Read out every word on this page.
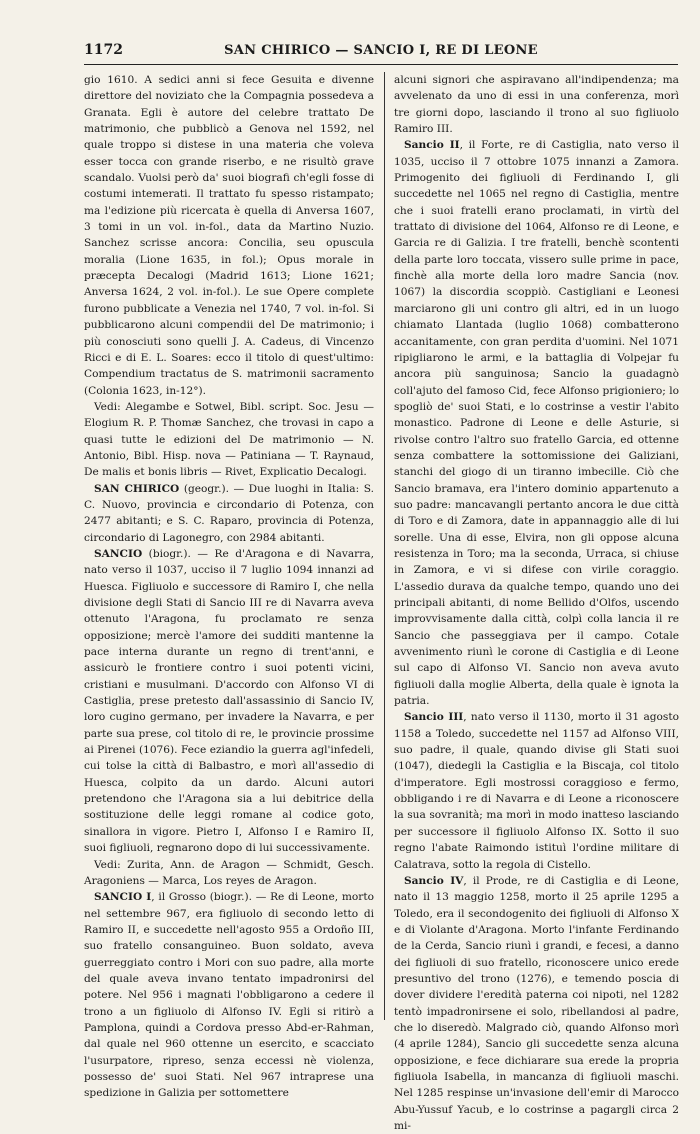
1172	SAN CHIRICO — SANCIO I, RE DI LEONE

gio 1610. A sedici anni si fece Gesuita e divenne direttore del noviziato che la Compagnia possedeva a Granata. Egli è autore del celebre trattato De matrimonio, che pubblicò a Genova nel 1592, nel quale troppo si distese in una materia che voleva esser tocca con grande riserbo, e ne risultò grave scandalo. Vuolsi però da' suoi biografi ch'egli fosse di costumi intemerati. Il trattato fu spesso ristampato; ma l'edizione più ricercata è quella di Anversa 1607, 3 tomi in un vol. in-fol., data da Martino Nuzio. Sanchez scrisse ancora: Concilia, seu opuscula moralia (Lione 1635, in fol.); Opus morale in præcepta Decalogi (Madrid 1613; Lione 1621; Anversa 1624, 2 vol. in-fol.). Le sue Opere complete furono pubblicate a Venezia nel 1740, 7 vol. in-fol. Si pubblicarono alcuni compendii del De matrimonio; i più conosciuti sono quelli J. A. Cadeus, di Vincenzo Ricci e di E. L. Soares: ecco il titolo di quest'ultimo: Compendium tractatus de S. matrimonii sacramento (Colonia 1623, in-12°).

Vedi: Alegambe e Sotwel, Bibl. script. Soc. Jesu — Elogium R. P. Thomæ Sanchez, che trovasi in capo a quasi tutte le edizioni del De matrimonio — N. Antonio, Bibl. Hisp. nova — Patiniana — T. Raynaud, De malis et bonis libris — Rivet, Explicatio Decalogi.

SAN CHIRICO (geogr.). — Due luoghi in Italia: S. C. Nuovo, provincia e circondario di Potenza, con 2477 abitanti; e S. C. Raparo, provincia di Potenza, circondario di Lagonegro, con 2984 abitanti.

SANCIO (biogr.). — Re d'Aragona e di Navarra, nato verso il 1037, ucciso il 7 luglio 1094 innanzi ad Huesca. Figliuolo e successore di Ramiro I, che nella divisione degli Stati di Sancio III re di Navarra aveva ottenuto l'Aragona, fu proclamato re senza opposizione; mercè l'amore dei sudditi mantenne la pace interna durante un regno di trent'anni, e assicurò le frontiere contro i suoi potenti vicini, cristiani e musulmani. D'accordo con Alfonso VI di Castiglia, prese pretesto dall'assassinio di Sancio IV, loro cugino germano, per invadere la Navarra, e per parte sua prese, col titolo di re, le provincie prossime ai Pirenei (1076). Fece eziandio la guerra agl'infedeli, cui tolse la città di Balbastro, e morì all'assedio di Huesca, colpito da un dardo. Alcuni autori pretendono che l'Aragona sia a lui debitrice della sostituzione delle leggi romane al codice goto, sinallora in vigore. Pietro I, Alfonso I e Ramiro II, suoi figliuoli, regnarono dopo di lui successivamente.

Vedi: Zurita, Ann. de Aragon — Schmidt, Gesch. Aragoniens — Marca, Los reyes de Aragon.

SANCIO I, il Grosso (biogr.). — Re di Leone, morto nel settembre 967, era figliuolo di secondo letto di Ramiro II, e succedette nell'agosto 955 a Ordoño III, suo fratello consanguineo. Buon soldato, aveva guerreggiato contro i Mori con suo padre, alla morte del quale aveva invano tentato impadronirsi del potere. Nel 956 i magnati l'obbligarono a cedere il trono a un figliuolo di Alfonso IV. Egli si ritirò a Pamplona, quindi a Cordova presso Abd-er-Rahman, dal quale nel 960 ottenne un esercito, e scacciato l'usurpatore, ripreso, senza eccessi nè violenza, possesso de' suoi Stati. Nel 967 intraprese una spedizione in Galizia per sottomettere

alcuni signori che aspiravano all'indipendenza; ma avvelenato da uno di essi in una conferenza, morì tre giorni dopo, lasciando il trono al suo figliuolo Ramiro III.

Sancio II, il Forte, re di Castiglia, nato verso il 1035, ucciso il 7 ottobre 1075 innanzi a Zamora. Primogenito dei figliuoli di Ferdinando I, gli succedette nel 1065 nel regno di Castiglia, mentre che i suoi fratelli erano proclamati, in virtù del trattato di divisione del 1064, Alfonso re di Leone, e Garcia re di Galizia. I tre fratelli, benchè scontenti della parte loro toccata, vissero sulle prime in pace, finchè alla morte della loro madre Sancia (nov. 1067) la discordia scoppiò. Castigliani e Leonesi marciarono gli uni contro gli altri, ed in un luogo chiamato Llantada (luglio 1068) combatterono accanitamente, con gran perdita d'uomini. Nel 1071 ripigliarono le armi, e la battaglia di Volpejar fu ancora più sanguinosa; Sancio la guadagnò coll'ajuto del famoso Cid, fece Alfonso prigioniero; lo spogliò de' suoi Stati, e lo costrinse a vestir l'abito monastico. Padrone di Leone e delle Asturie, si rivolse contro l'altro suo fratello Garcia, ed ottenne senza combattere la sottomissione dei Galiziani, stanchi del giogo di un tiranno imbecille. Ciò che Sancio bramava, era l'intero dominio appartenuto a suo padre: mancavangli pertanto ancora le due città di Toro e di Zamora, date in appannaggio alle di lui sorelle. Una di esse, Elvira, non gli oppose alcuna resistenza in Toro; ma la seconda, Urraca, si chiuse in Zamora, e vi si difese con virile coraggio. L'assedio durava da qualche tempo, quando uno dei principali abitanti, di nome Bellido d'Olfos, uscendo improvvisamente dalla città, colpì colla lancia il re Sancio che passeggiava per il campo. Cotale avvenimento riunì le corone di Castiglia e di Leone sul capo di Alfonso VI. Sancio non aveva avuto figliuoli dalla moglie Alberta, della quale è ignota la patria.

Sancio III, nato verso il 1130, morto il 31 agosto 1158 a Toledo, succedette nel 1157 ad Alfonso VIII, suo padre, il quale, quando divise gli Stati suoi (1047), diedegli la Castiglia e la Biscaja, col titolo d'imperatore. Egli mostrossi coraggioso e fermo, obbligando i re di Navarra e di Leone a riconoscere la sua sovranità; ma morì in modo inatteso lasciando per successore il figliuolo Alfonso IX. Sotto il suo regno l'abate Raimondo istituì l'ordine militare di Calatrava, sotto la regola di Cistello.

Sancio IV, il Prode, re di Castiglia e di Leone, nato il 13 maggio 1258, morto il 25 aprile 1295 a Toledo, era il secondogenito dei figliuoli di Alfonso X e di Violante d'Aragona. Morto l'infante Ferdinando de la Cerda, Sancio riunì i grandi, e fecesi, a danno dei figliuoli di suo fratello, riconoscere unico erede presuntivo del trono (1276), e temendo poscia di dover dividere l'eredità paterna coi nipoti, nel 1282 tentò impadronirsene ei solo, ribellandosi al padre, che lo diseredò. Malgrado ciò, quando Alfonso morì (4 aprile 1284), Sancio gli succedette senza alcuna opposizione, e fece dichiarare sua erede la propria figliuola Isabella, in mancanza di figliuoli maschi. Nel 1285 respinse un'invasione dell'emir di Marocco Abu-Yussuf Yacub, e lo costrinse a pagargli circa 2 mi-
